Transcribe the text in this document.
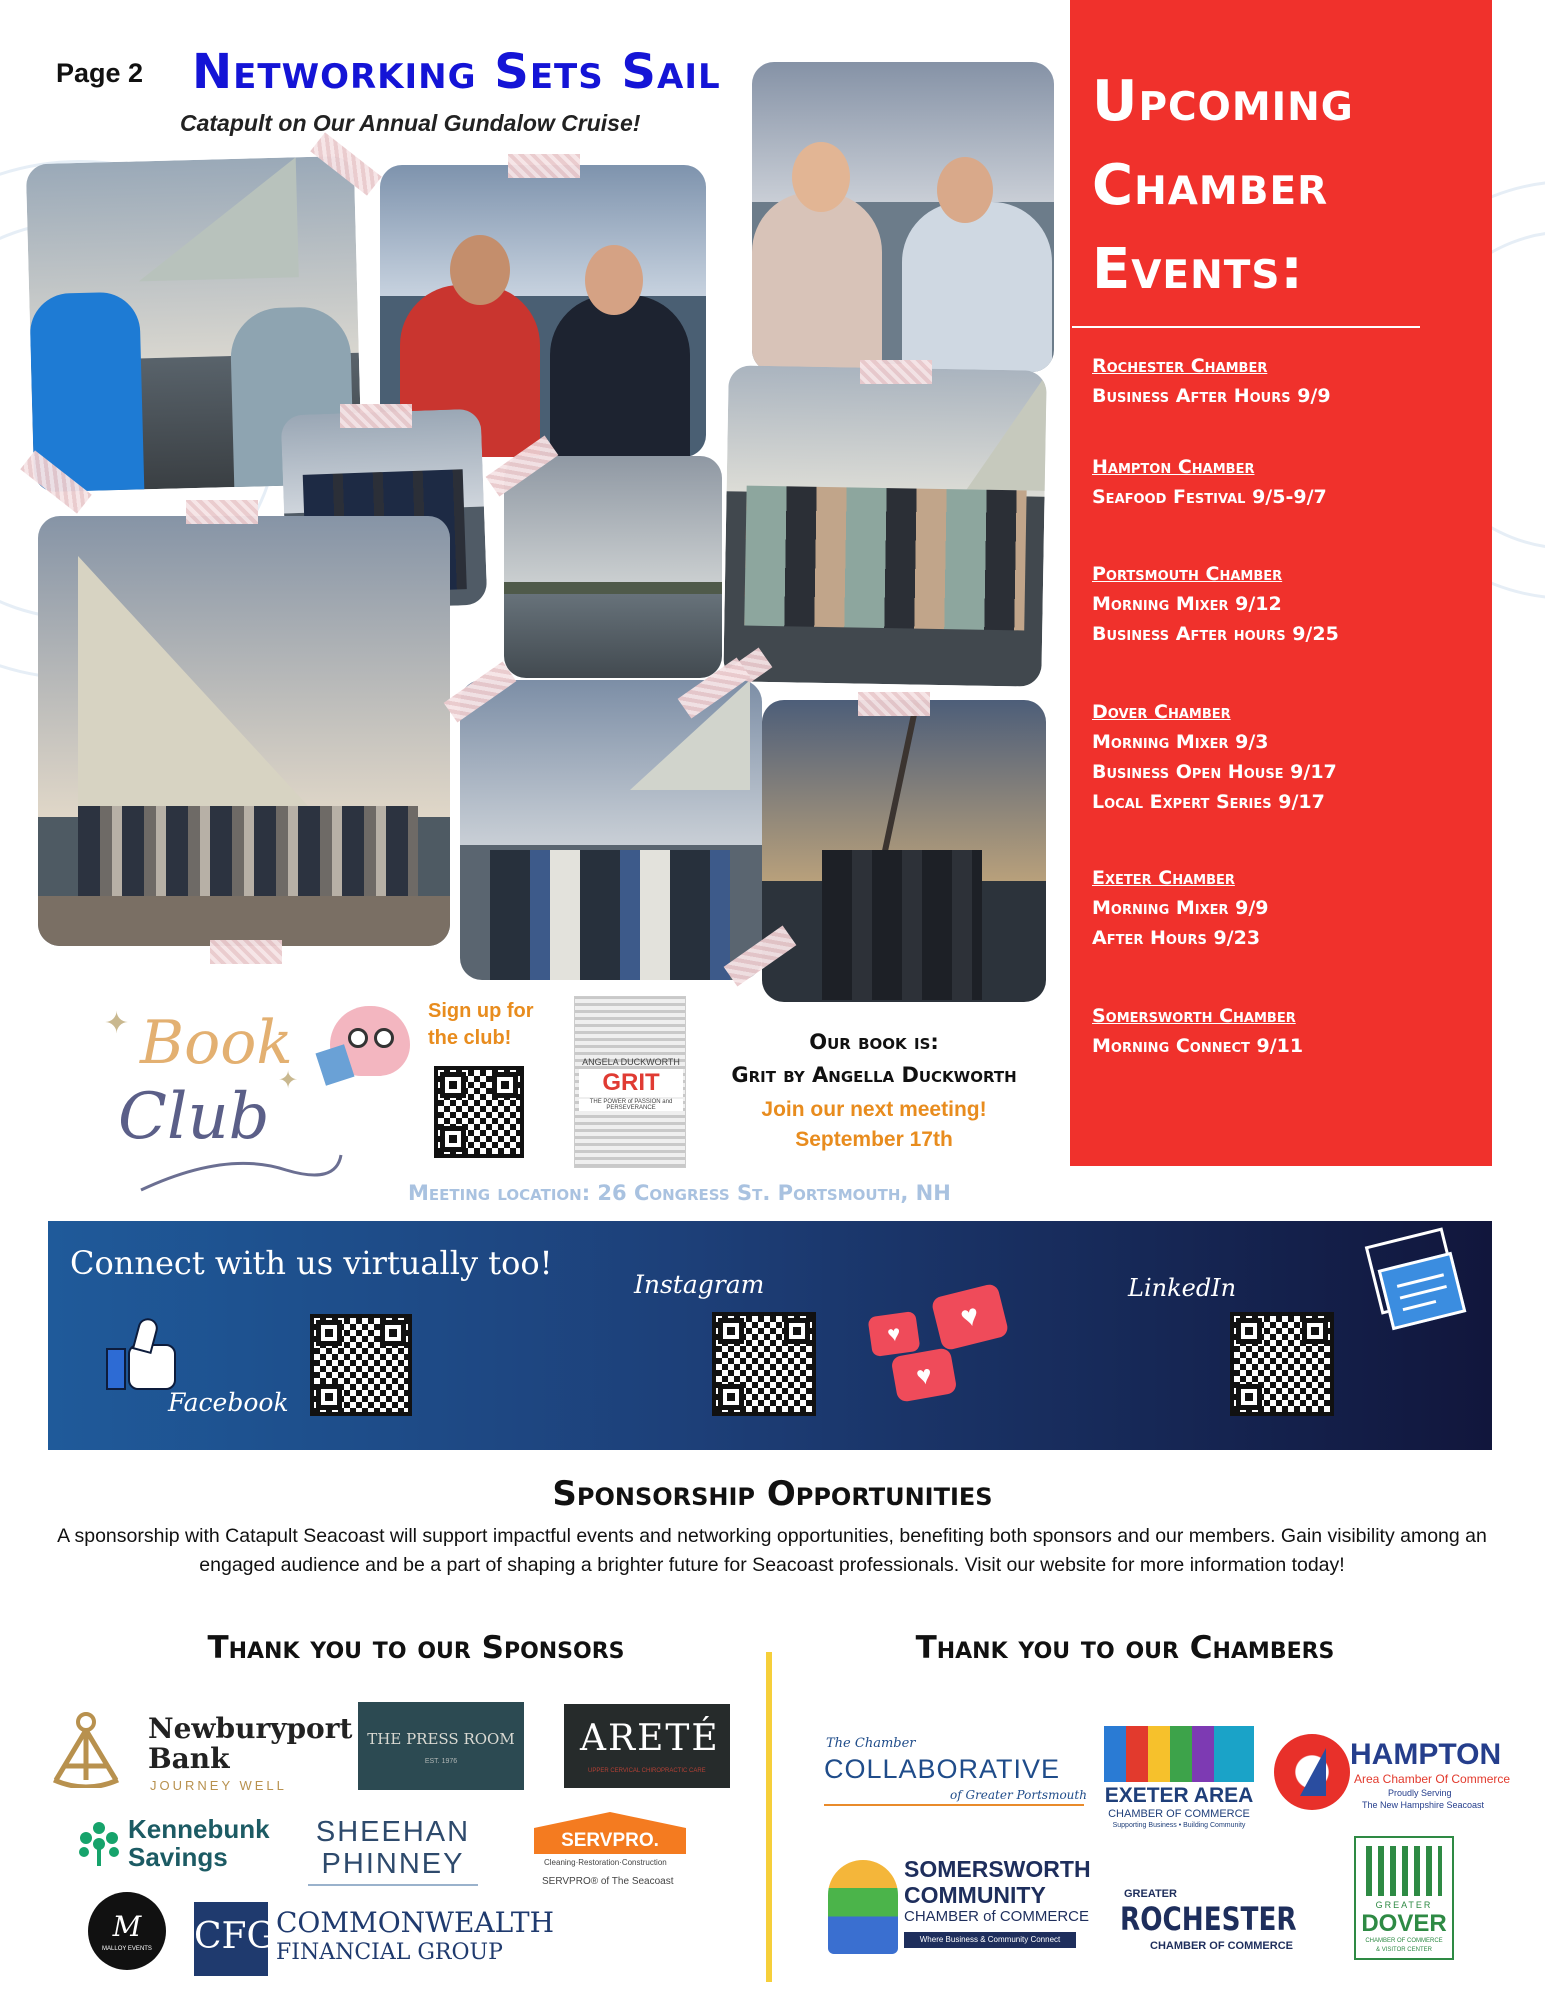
Page 2 Networking Sets Sail
Catapult on Our Annual Gundalow Cruise!	Upcoming
Chamber
Events:
Rochester Chamber
Business After Hours 9/9
Hampton Chamber
Seafood Festival 9/5-9/7
Portsmouth Chamber
Morning Mixer 9/12
Business After hours 9/25
Dover Chamber
Morning Mixer 9/3
Business Open House 9/17
Local Expert Series 9/17
Exeter Chamber
Morning Mixer 9/9
After Hours 9/23
Somersworth Chamber
Morning Connect 9/11
✦
✦
Book
Club
Sign up for
the club!
ANGELA DUCKWORTH
GRIT
THE POWER of PASSION and PERSEVERANCE
Our book is:
Grit by Angella Duckworth
Join our next meeting!
September 17th
Meeting location: 26 Congress St. Portsmouth, NH
Connect with us virtually too!
Facebook
Instagram
♥	♥
♥
LinkedIn
Sponsorship Opportunities
A sponsorship with Catapult Seacoast will support impactful events and networking opportunities, benefiting both sponsors and our members. Gain visibility among an engaged audience and be a part of shaping a brighter future for Seacoast professionals. Visit our website for more information today!
Thank you to our Sponsors	Thank you to our Chambers
Newburyport
Bank
JOURNEY WELL
THE PRESS ROOM
EST. 1976
ARETÉ
UPPER CERVICAL CHIROPRACTIC CARE
Kennebunk
Savings
SHEEHAN
PHINNEY
SERVPRO.
Cleaning·Restoration·Construction
SERVPRO® of The Seacoast
M
MALLOY EVENTS	CFG COMMONWEALTH
FINANCIAL GROUP
The Chamber
COLLABORATIVE
of Greater Portsmouth EXETER AREA
CHAMBER OF COMMERCE
Supporting Business • Building Community
HAMPTON
Area Chamber Of Commerce
Proudly Serving
The New Hampshire Seacoast
SOMERSWORTH
COMMUNITY
CHAMBER of COMMERCE
Where Business & Community Connect
GREATER
ROCHESTER
CHAMBER OF COMMERCE
GREATER
DOVER
CHAMBER OF COMMERCE
& VISITOR CENTER
